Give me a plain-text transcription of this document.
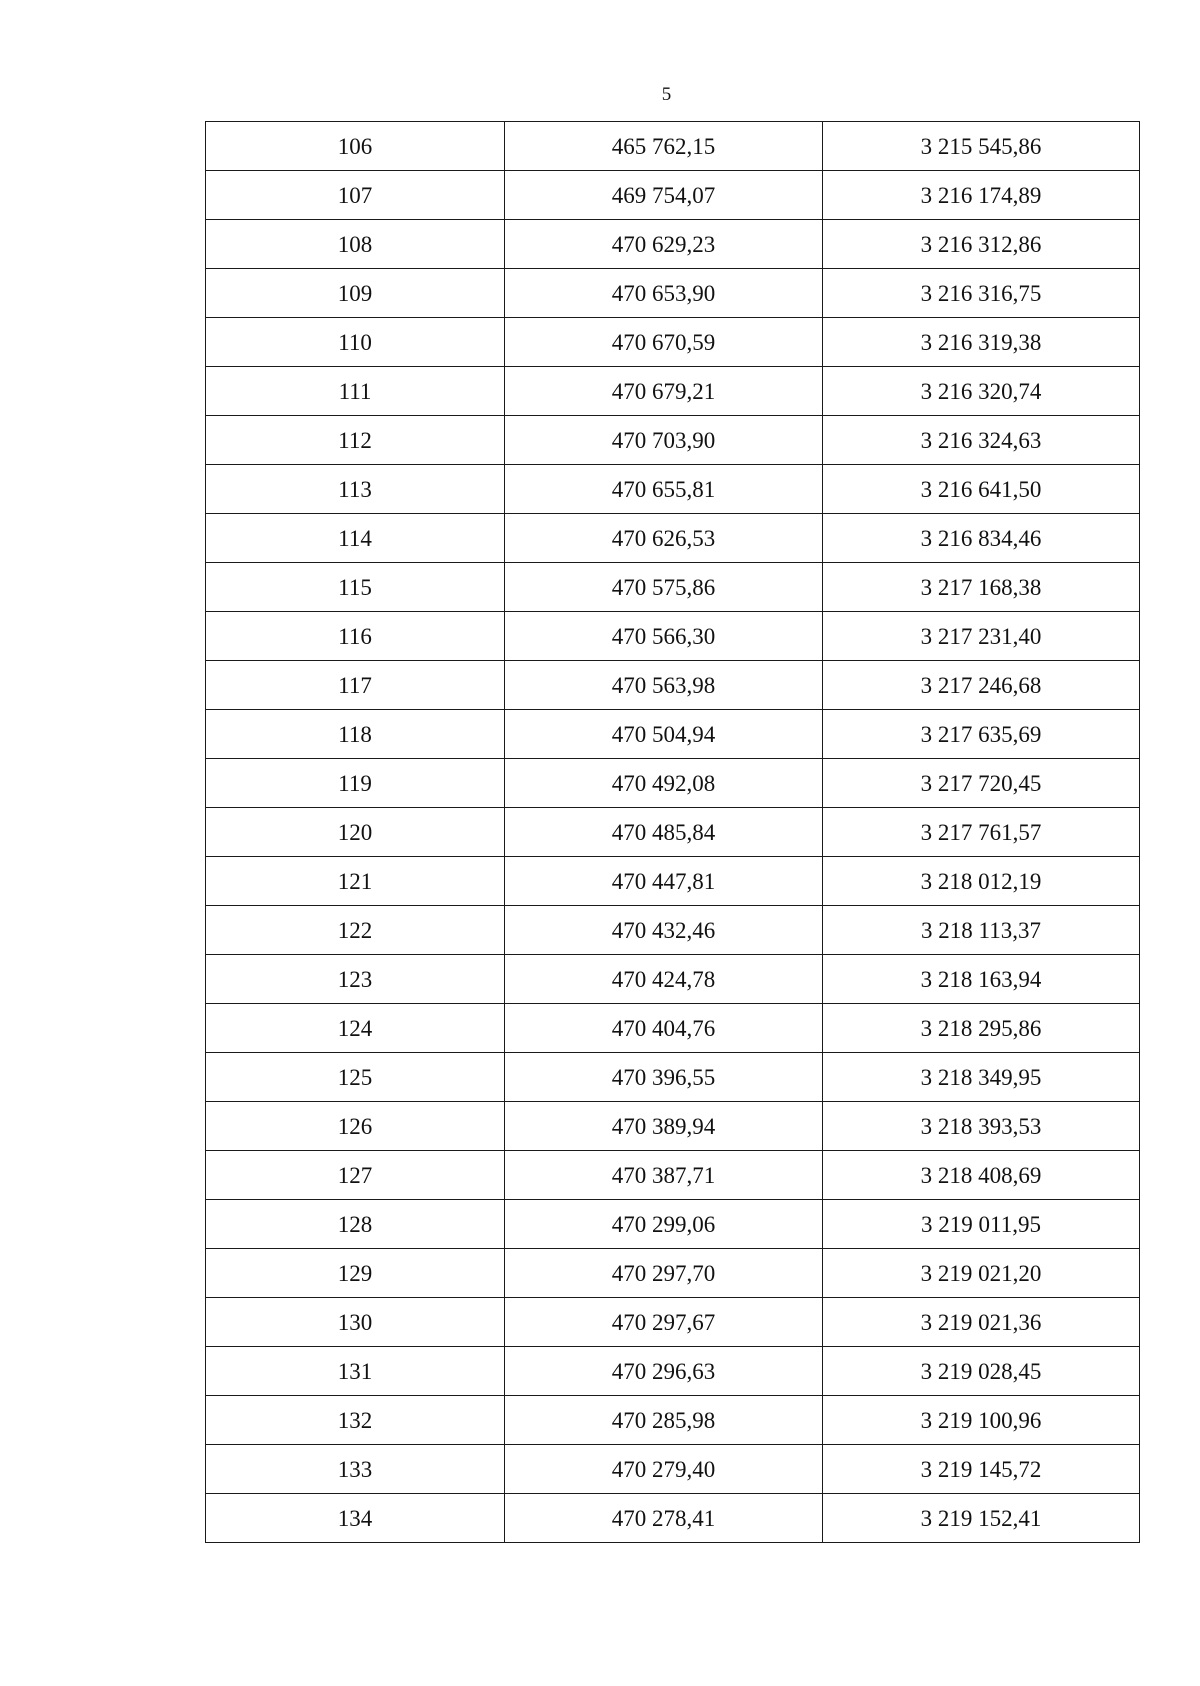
5
106	465 762,15	3 215 545,86
107	469 754,07	3 216 174,89
108	470 629,23	3 216 312,86
109	470 653,90	3 216 316,75
110	470 670,59	3 216 319,38
111	470 679,21	3 216 320,74
112	470 703,90	3 216 324,63
113	470 655,81	3 216 641,50
114	470 626,53	3 216 834,46
115	470 575,86	3 217 168,38
116	470 566,30	3 217 231,40
117	470 563,98	3 217 246,68
118	470 504,94	3 217 635,69
119	470 492,08	3 217 720,45
120	470 485,84	3 217 761,57
121	470 447,81	3 218 012,19
122	470 432,46	3 218 113,37
123	470 424,78	3 218 163,94
124	470 404,76	3 218 295,86
125	470 396,55	3 218 349,95
126	470 389,94	3 218 393,53
127	470 387,71	3 218 408,69
128	470 299,06	3 219 011,95
129	470 297,70	3 219 021,20
130	470 297,67	3 219 021,36
131	470 296,63	3 219 028,45
132	470 285,98	3 219 100,96
133	470 279,40	3 219 145,72
134	470 278,41	3 219 152,41
